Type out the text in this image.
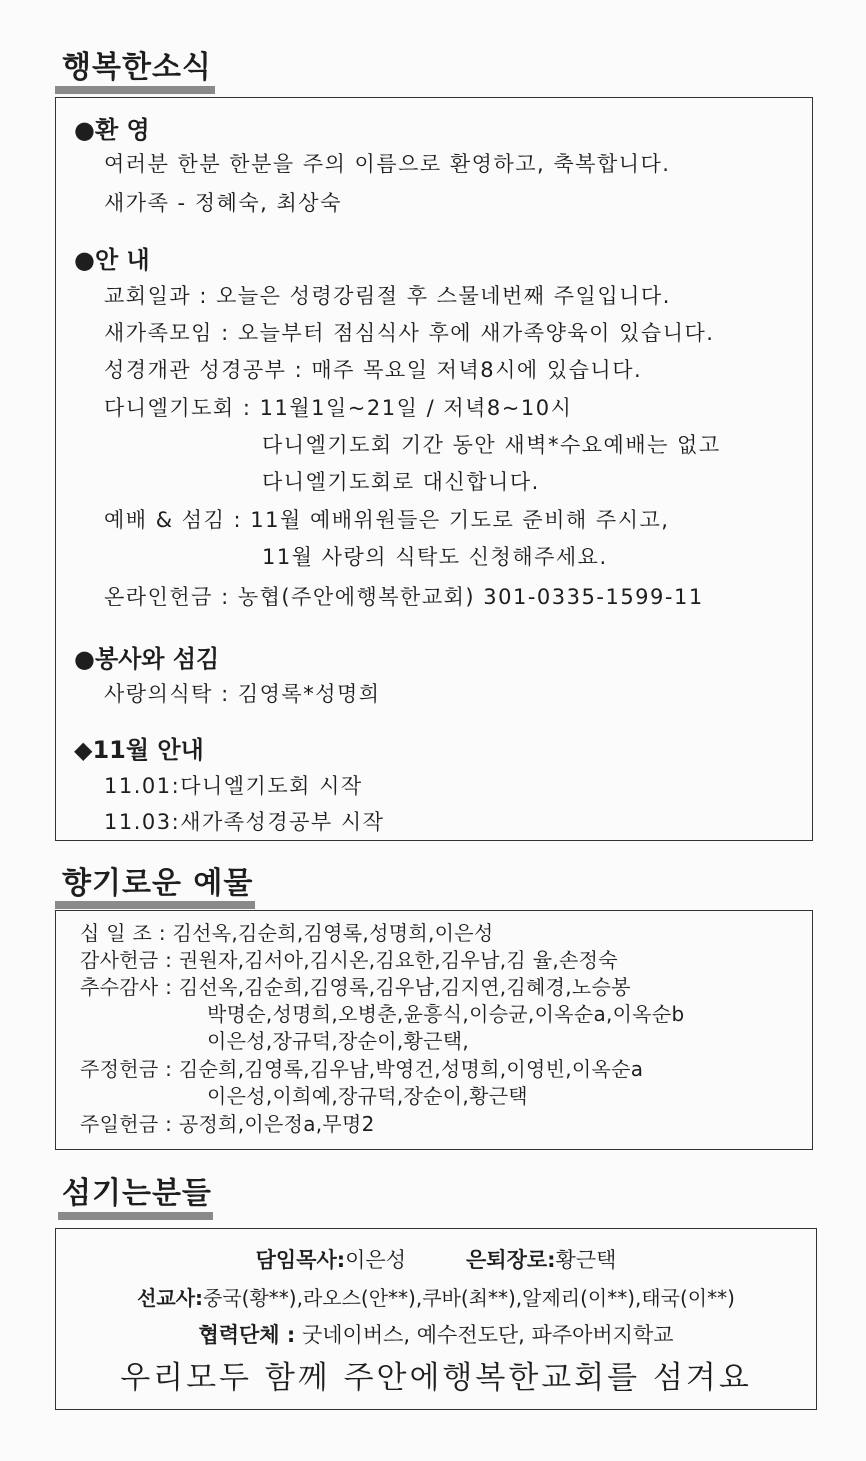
행복한소식
●환 영
여러분 한분 한분을 주의 이름으로 환영하고, 축복합니다.
새가족 - 정혜숙, 최상숙
●안 내
교회일과 : 오늘은 성령강림절 후 스물네번째 주일입니다.
새가족모임 : 오늘부터 점심식사 후에 새가족양육이 있습니다.
성경개관 성경공부 : 매주 목요일 저녁8시에 있습니다.
다니엘기도회 : 11월1일~21일 / 저녁8~10시
다니엘기도회 기간 동안 새벽*수요예배는 없고
다니엘기도회로 대신합니다.
예배 & 섬김 : 11월 예배위원들은 기도로 준비해 주시고,
11월 사랑의 식탁도 신청해주세요.
온라인헌금 : 농협(주안에행복한교회) 301-0335-1599-11
●봉사와 섬김
사랑의식탁 : 김영록*성명희
◆11월 안내
11.01:다니엘기도회 시작
11.03:새가족성경공부 시작
향기로운 예물
십 일 조 : 김선옥,김순희,김영록,성명희,이은성
감사헌금 : 권원자,김서아,김시온,김요한,김우남,김 율,손정숙
추수감사 : 김선옥,김순희,김영록,김우남,김지연,김혜경,노승봉
박명순,성명희,오병춘,윤흥식,이승균,이옥순a,이옥순b
이은성,장규덕,장순이,황근택,
주정헌금 : 김순희,김영록,김우남,박영건,성명희,이영빈,이옥순a
이은성,이희예,장규덕,장순이,황근택
주일헌금 : 공정희,이은정a,무명2
섬기는분들
담임목사:이은성	은퇴장로:황근택
선교사:중국(황**),라오스(안**),쿠바(최**),알제리(이**),태국(이**)
협력단체 : 굿네이버스, 예수전도단, 파주아버지학교
우리모두 함께 주안에행복한교회를 섬겨요
